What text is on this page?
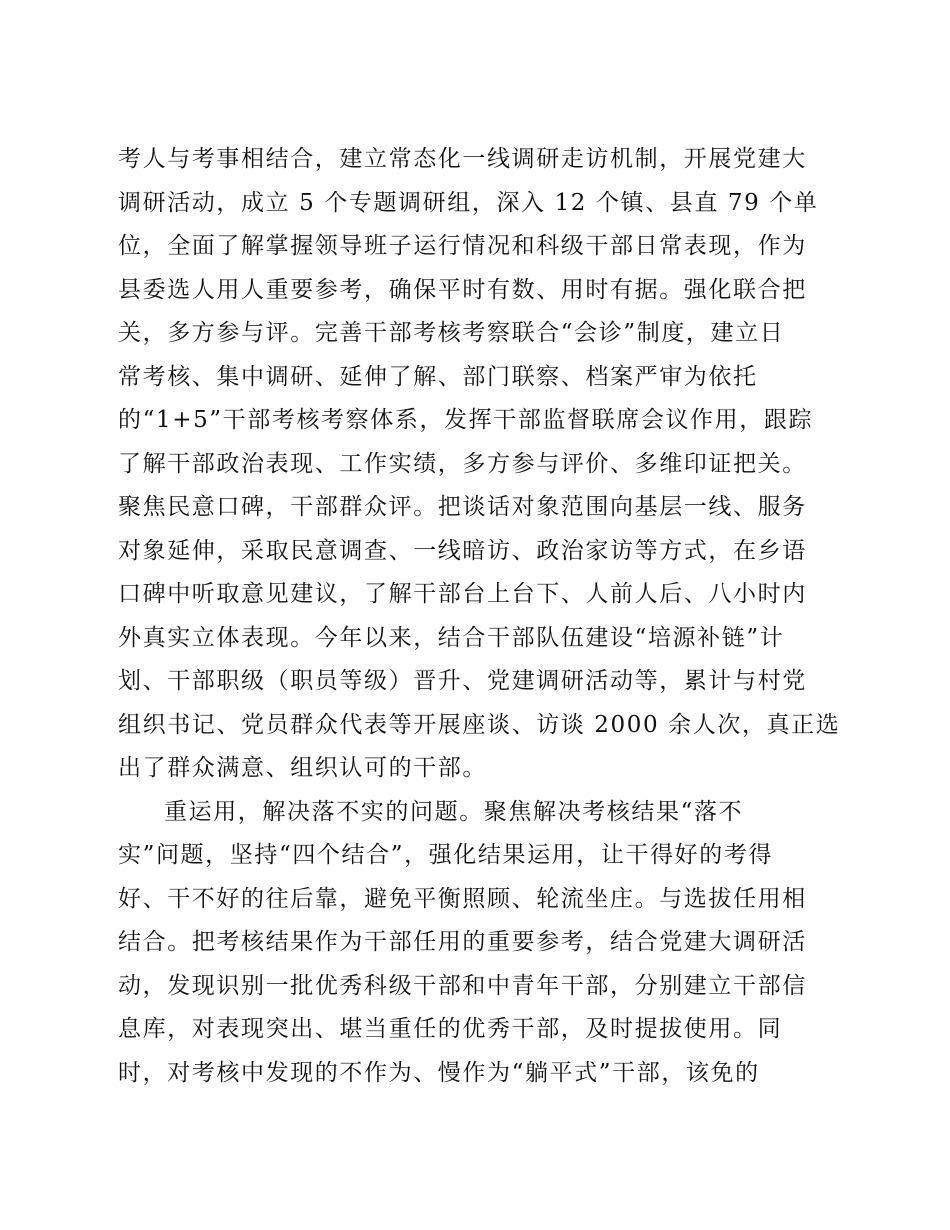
考人与考事相结合，建立常态化一线调研走访机制，开展党建大
调研活动，成立 5 个专题调研组，深入 12 个镇、县直 79 个单
位，全面了解掌握领导班子运行情况和科级干部日常表现，作为
县委选人用人重要参考，确保平时有数、用时有据。强化联合把
关，多方参与评。完善干部考核考察联合“会诊”制度，建立日
常考核、集中调研、延伸了解、部门联察、档案严审为依托
的“1+5”干部考核考察体系，发挥干部监督联席会议作用，跟踪
了解干部政治表现、工作实绩，多方参与评价、多维印证把关。
聚焦民意口碑，干部群众评。把谈话对象范围向基层一线、服务
对象延伸，采取民意调查、一线暗访、政治家访等方式，在乡语
口碑中听取意见建议，了解干部台上台下、人前人后、八小时内
外真实立体表现。今年以来，结合干部队伍建设“培源补链”计
划、干部职级（职员等级）晋升、党建调研活动等，累计与村党
组织书记、党员群众代表等开展座谈、访谈 2000 余人次，真正选
出了群众满意、组织认可的干部。
重运用，解决落不实的问题。聚焦解决考核结果“落不
实”问题，坚持“四个结合”，强化结果运用，让干得好的考得
好、干不好的往后靠，避免平衡照顾、轮流坐庄。与选拔任用相
结合。把考核结果作为干部任用的重要参考，结合党建大调研活
动，发现识别一批优秀科级干部和中青年干部，分别建立干部信
息库，对表现突出、堪当重任的优秀干部，及时提拔使用。同
时，对考核中发现的不作为、慢作为“躺平式”干部，该免的
